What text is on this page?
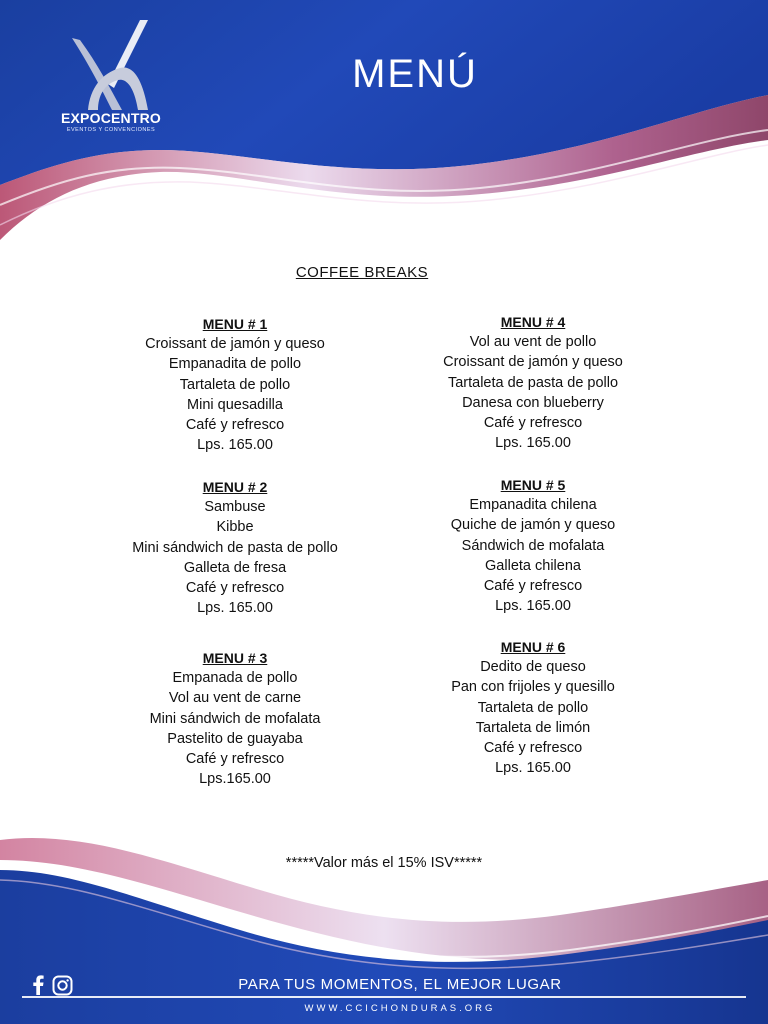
EXPOCENTRO
EVENTOS Y CONVENCIONES
MENÚ
COFFEE BREAKS
MENU # 1
Croissant de jamón y queso
Empanadita de pollo
Tartaleta de pollo
Mini quesadilla
Café y refresco
Lps. 165.00
MENU # 2
Sambuse
Kibbe
Mini sándwich de pasta de pollo
Galleta de fresa
Café y refresco
Lps. 165.00
MENU # 3
Empanada de pollo
Vol au vent de carne
Mini sándwich de mofalata
Pastelito de guayaba
Café y refresco
Lps.165.00
MENU # 4
Vol au vent de pollo
Croissant de jamón y queso
Tartaleta de pasta de pollo
Danesa con blueberry
Café y refresco
Lps. 165.00
MENU # 5
Empanadita chilena
Quiche de jamón y queso
Sándwich de mofalata
Galleta chilena
Café y refresco
Lps. 165.00
MENU # 6
Dedito de queso
Pan con frijoles y quesillo
Tartaleta de pollo
Tartaleta de limón
Café y refresco
Lps. 165.00
*****Valor más el 15% ISV*****
PARA TUS MOMENTOS, EL MEJOR LUGAR
WWW.CCICHONDURAS.ORG
